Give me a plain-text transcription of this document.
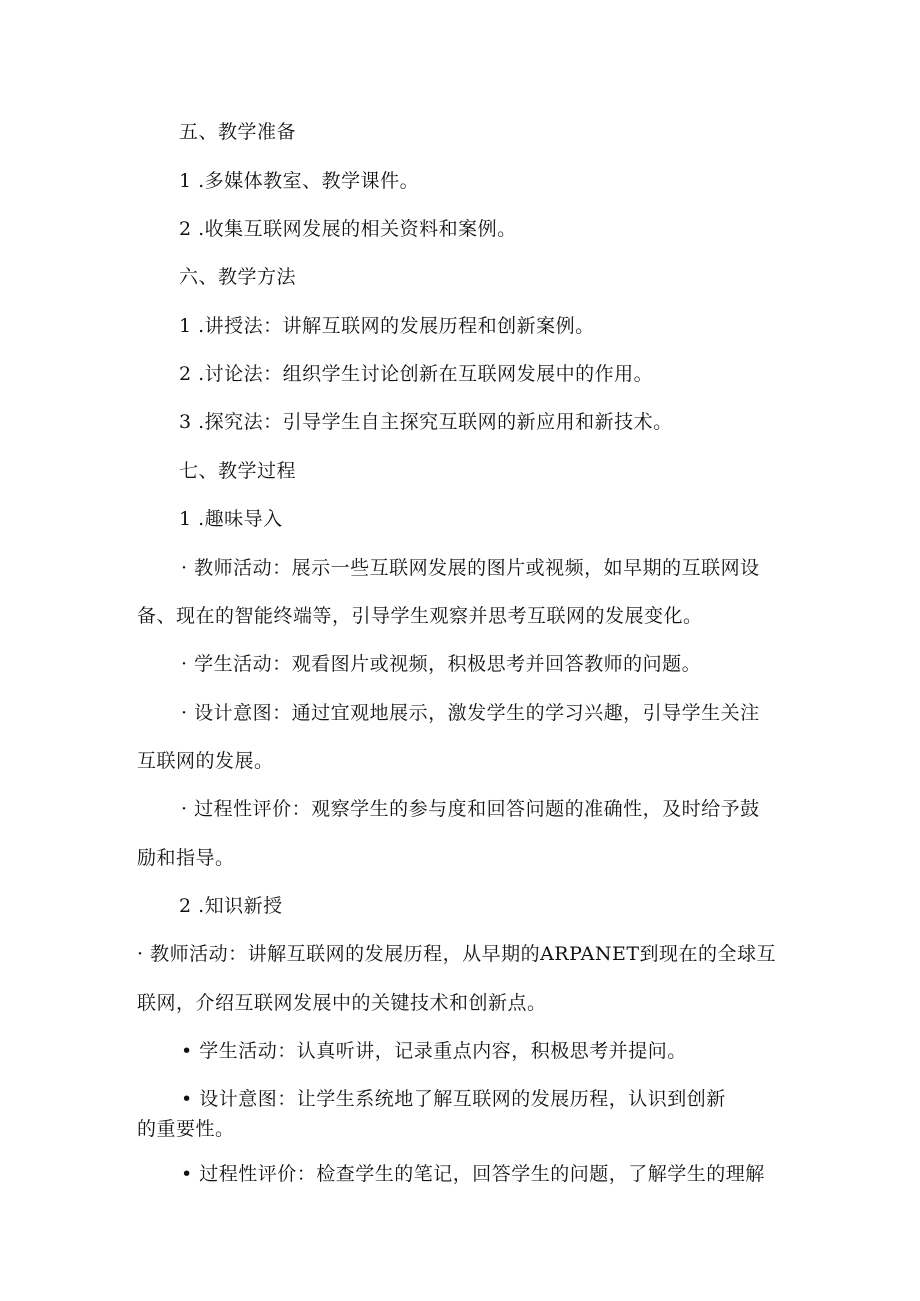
五、教学准备
1 .多媒体教室、教学课件。
2 .收集互联网发展的相关资料和案例。
六、教学方法
1 .讲授法：讲解互联网的发展历程和创新案例。
2 .讨论法：组织学生讨论创新在互联网发展中的作用。
3 .探究法：引导学生自主探究互联网的新应用和新技术。
七、教学过程
1 .趣味导入
· 教师活动：展示一些互联网发展的图片或视频，如早期的互联网设
备、现在的智能终端等，引导学生观察并思考互联网的发展变化。
· 学生活动：观看图片或视频，积极思考并回答教师的问题。
· 设计意图：通过宜观地展示，激发学生的学习兴趣，引导学生关注
互联网的发展。
· 过程性评价：观察学生的参与度和回答问题的准确性，及时给予鼓
励和指导。
2 .知识新授
· 教师活动：讲解互联网的发展历程，从早期的ARPANET到现在的全球互
联网，介绍互联网发展中的关键技术和创新点。
• 学生活动：认真听讲，记录重点内容，积极思考并提问。
• 设计意图：让学生系统地了解互联网的发展历程，认识到创新
的重要性。
• 过程性评价：检查学生的笔记，回答学生的问题，了解学生的理解
